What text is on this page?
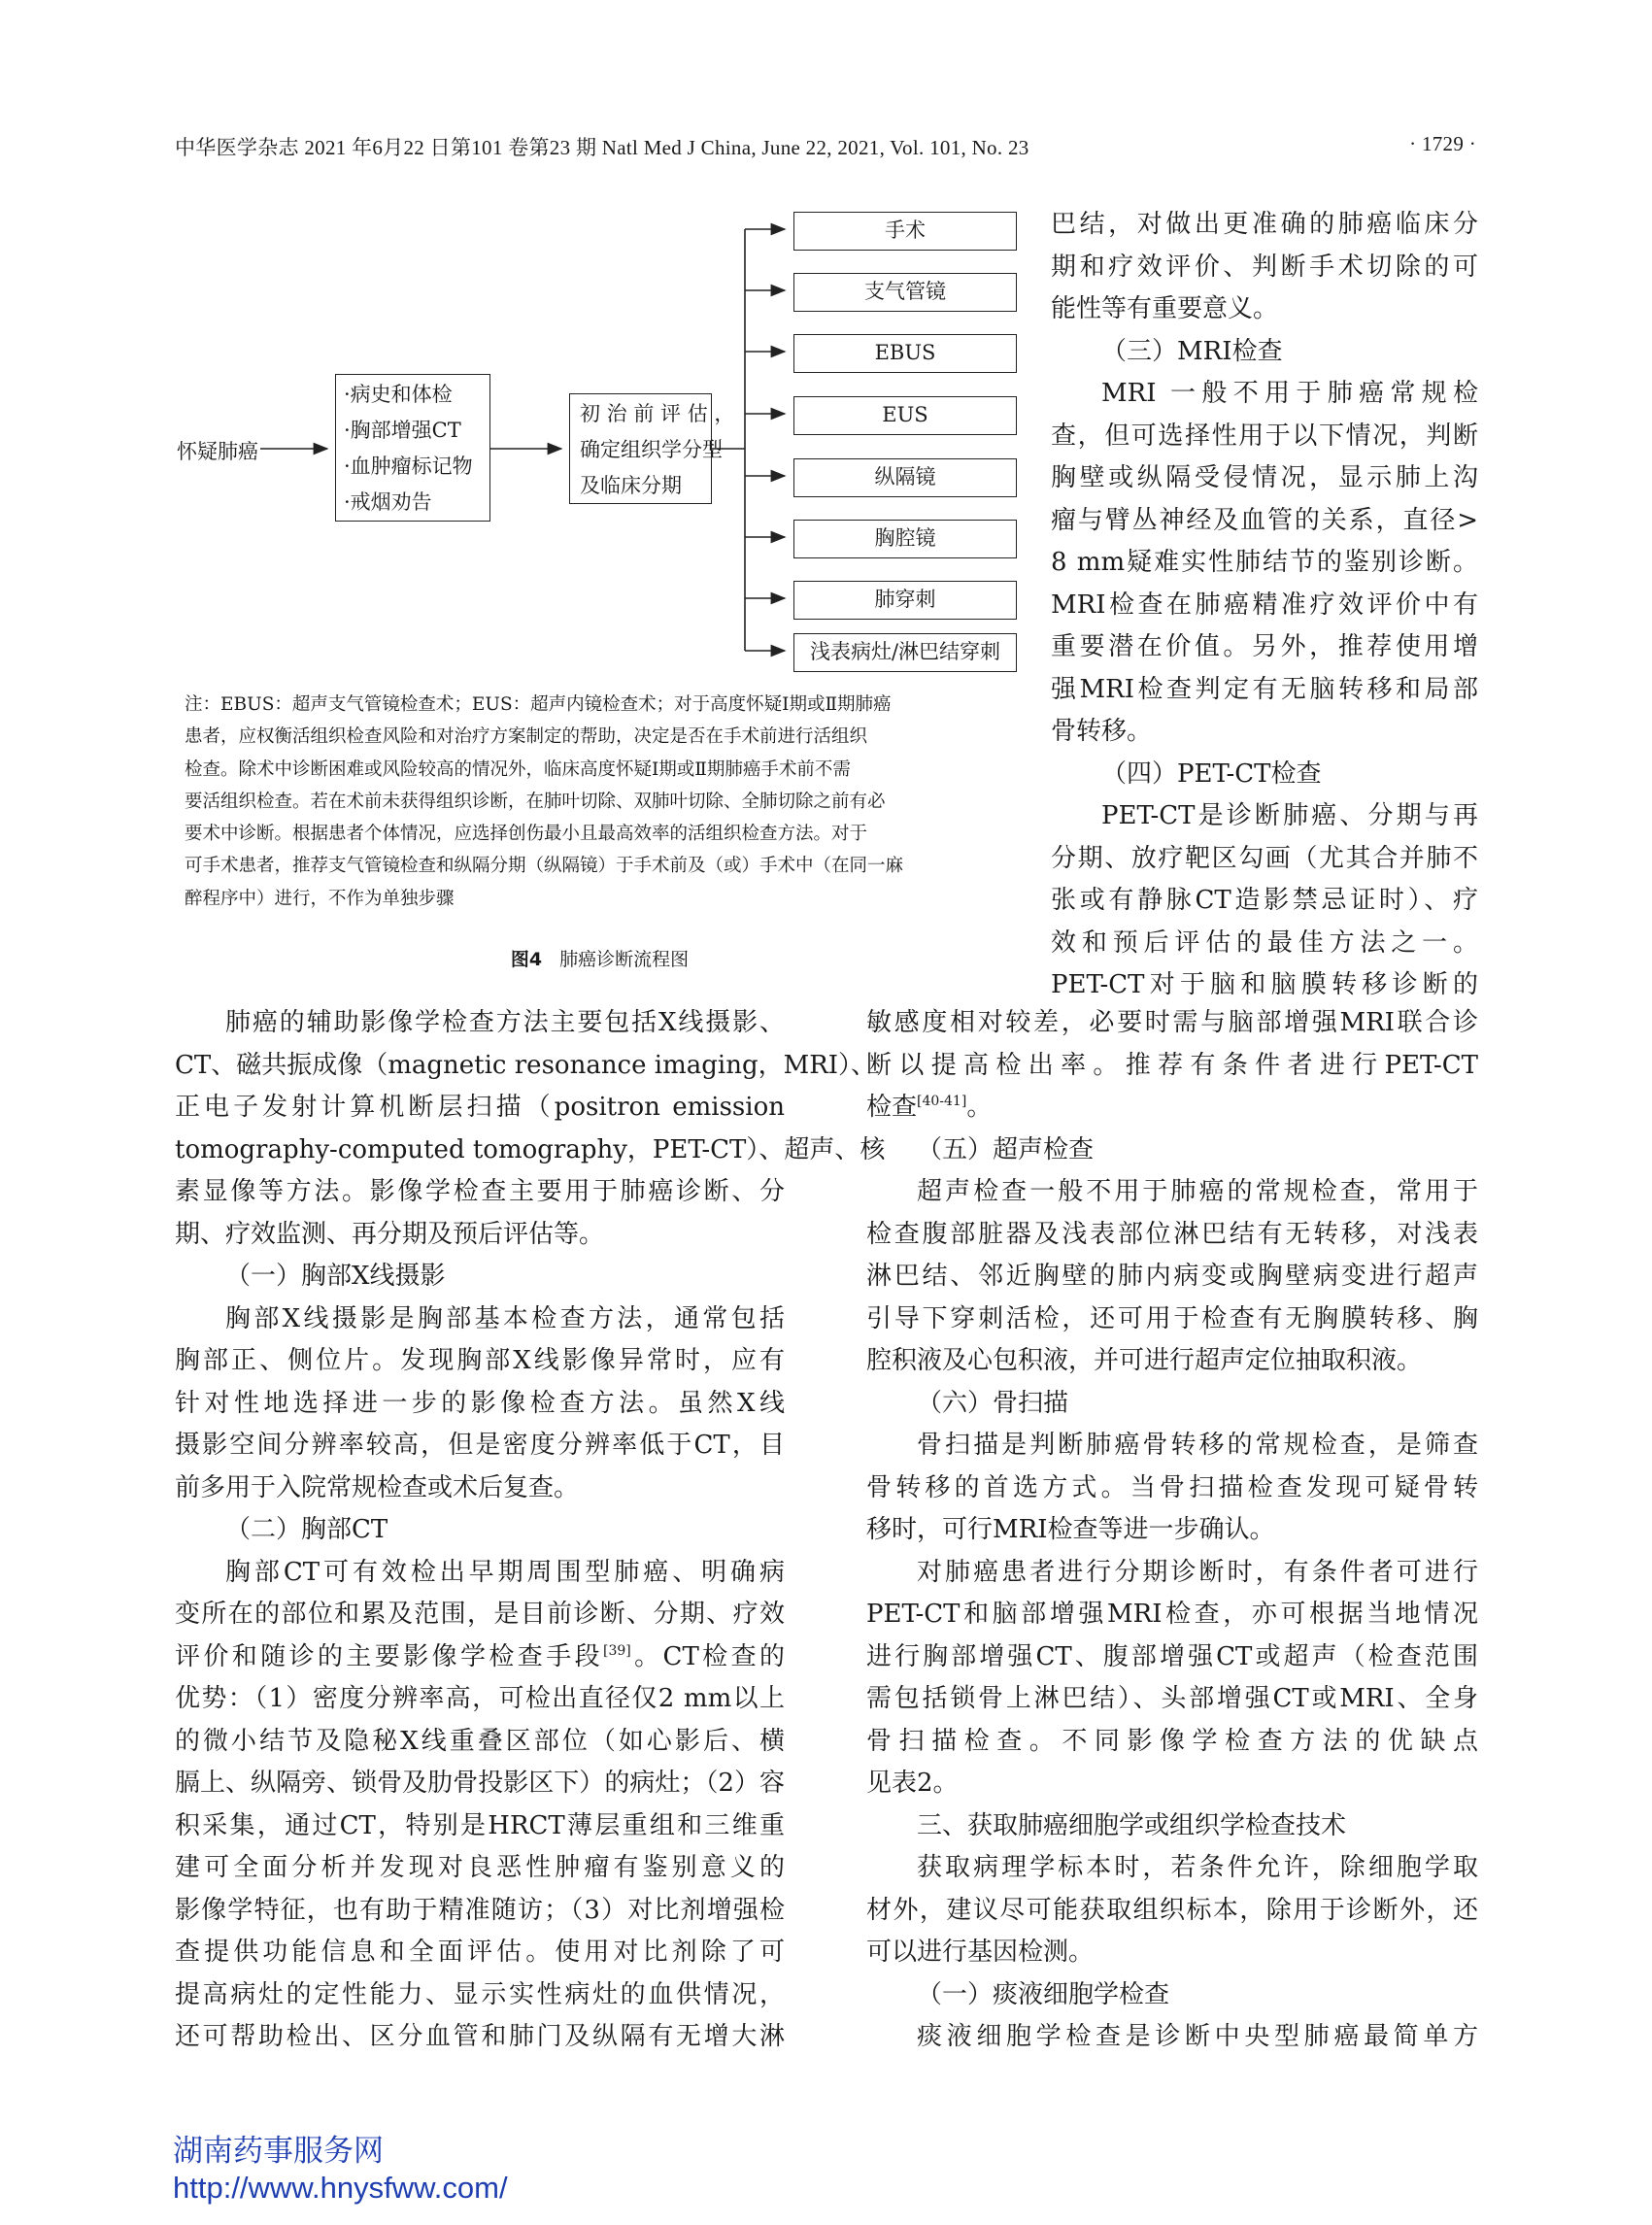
中华医学杂志 2021 年6月22 日第101 卷第23 期 Natl Med J China, June 22, 2021, Vol. 101, No. 23	· 1729 ·
怀疑肺癌
·病史和体检
·胸部增强CT
·血肿瘤标记物
·戒烟劝告
初 治 前 评 估 ，
确定组织学分型
及临床分期
手术
支气管镜
EBUS
EUS
纵隔镜
胸腔镜
肺穿刺
浅表病灶/淋巴结穿刺
注：EBUS：超声支气管镜检查术；EUS：超声内镜检查术；对于高度怀疑Ⅰ期或Ⅱ期肺癌
患者，应权衡活组织检查风险和对治疗方案制定的帮助，决定是否在手术前进行活组织
检查。除术中诊断困难或风险较高的情况外，临床高度怀疑Ⅰ期或Ⅱ期肺癌手术前不需
要活组织检查。若在术前未获得组织诊断，在肺叶切除、双肺叶切除、全肺切除之前有必
要术中诊断。根据患者个体情况，应选择创伤最小且最高效率的活组织检查方法。对于
可手术患者，推荐支气管镜检查和纵隔分期（纵隔镜）于手术前及（或）手术中（在同一麻
醉程序中）进行，不作为单独步骤
图4 肺癌诊断流程图
巴结，对做出更准确的肺癌临床分
期和疗效评价、判断手术切除的可
能性等有重要意义。
（三）MRI检查
MRI 一般不用于肺癌常规检
查，但可选择性用于以下情况，判断
胸壁或纵隔受侵情况，显示肺上沟
瘤与臂丛神经及血管的关系，直径>
8 mm疑难实性肺结节的鉴别诊断。
MRI检查在肺癌精准疗效评价中有
重要潜在价值。另外，推荐使用增
强MRI检查判定有无脑转移和局部
骨转移。
（四）PET-CT检查
PET-CT是诊断肺癌、分期与再
分期、放疗靶区勾画（尤其合并肺不
张或有静脉CT造影禁忌证时）、疗
效和预后评估的最佳方法之一。
PET-CT对于脑和脑膜转移诊断的
肺癌的辅助影像学检查方法主要包括X线摄影、
CT、磁共振成像（magnetic resonance imaging，MRI）、
正电子发射计算机断层扫描（positron emission
tomography-computed tomography，PET-CT）、超声、核
素显像等方法。影像学检查主要用于肺癌诊断、分
期、疗效监测、再分期及预后评估等。
（一）胸部X线摄影
胸部X线摄影是胸部基本检查方法，通常包括
胸部正、侧位片。发现胸部X线影像异常时，应有
针对性地选择进一步的影像检查方法。虽然X线
摄影空间分辨率较高，但是密度分辨率低于CT，目
前多用于入院常规检查或术后复查。
（二）胸部CT
胸部CT可有效检出早期周围型肺癌、明确病
变所在的部位和累及范围，是目前诊断、分期、疗效
评价和随诊的主要影像学检查手段[39]。CT检查的
优势：（1）密度分辨率高，可检出直径仅2 mm以上
的微小结节及隐秘X线重叠区部位（如心影后、横
膈上、纵隔旁、锁骨及肋骨投影区下）的病灶；（2）容
积采集，通过CT，特别是HRCT薄层重组和三维重
建可全面分析并发现对良恶性肿瘤有鉴别意义的
影像学特征，也有助于精准随访；（3）对比剂增强检
查提供功能信息和全面评估。使用对比剂除了可
提高病灶的定性能力、显示实性病灶的血供情况，
还可帮助检出、区分血管和肺门及纵隔有无增大淋
敏感度相对较差，必要时需与脑部增强MRI联合诊
断以提高检出率。推荐有条件者进行PET-CT
检查[40-41]。
（五）超声检查
超声检查一般不用于肺癌的常规检查，常用于
检查腹部脏器及浅表部位淋巴结有无转移，对浅表
淋巴结、邻近胸壁的肺内病变或胸壁病变进行超声
引导下穿刺活检，还可用于检查有无胸膜转移、胸
腔积液及心包积液，并可进行超声定位抽取积液。
（六）骨扫描
骨扫描是判断肺癌骨转移的常规检查，是筛查
骨转移的首选方式。当骨扫描检查发现可疑骨转
移时，可行MRI检查等进一步确认。
对肺癌患者进行分期诊断时，有条件者可进行
PET-CT和脑部增强MRI检查，亦可根据当地情况
进行胸部增强CT、腹部增强CT或超声（检查范围
需包括锁骨上淋巴结）、头部增强CT或MRI、全身
骨扫描检查。不同影像学检查方法的优缺点
见表2。
三、获取肺癌细胞学或组织学检查技术
获取病理学标本时，若条件允许，除细胞学取
材外，建议尽可能获取组织标本，除用于诊断外，还
可以进行基因检测。
（一）痰液细胞学检查
痰液细胞学检查是诊断中央型肺癌最简单方
湖南药事服务网
http://www.hnysfww.com/
